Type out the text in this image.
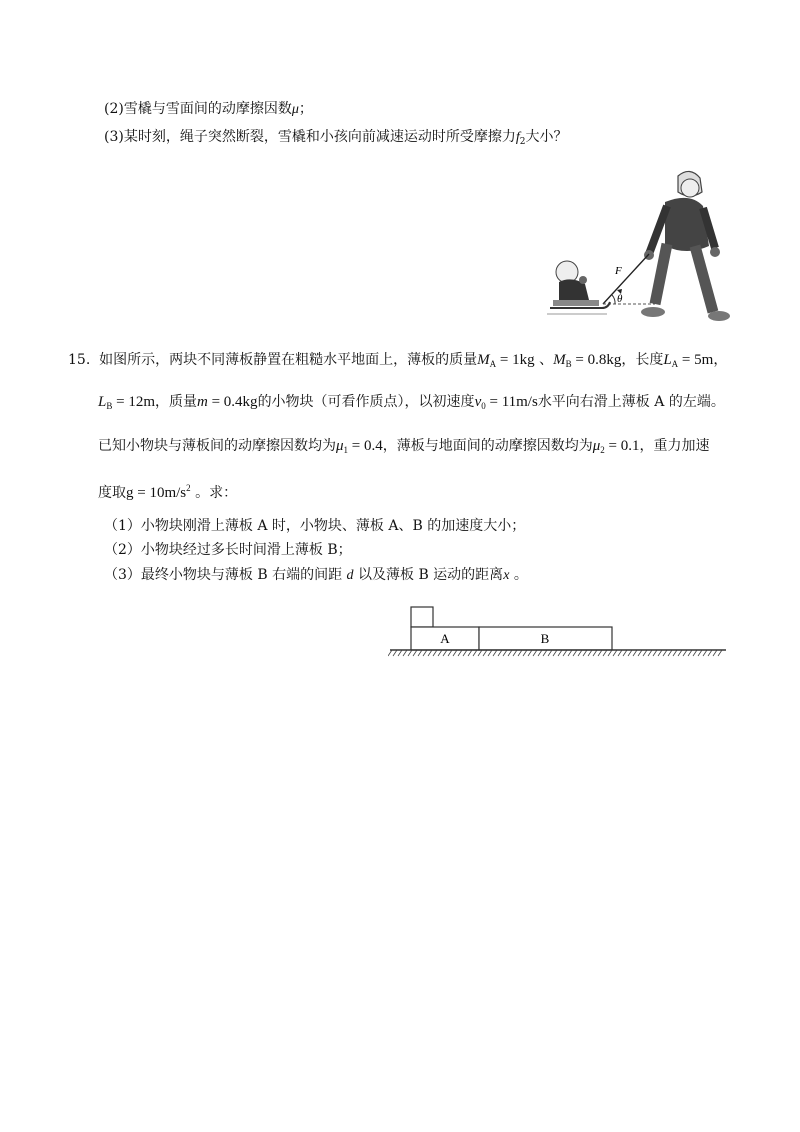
(2)雪橇与雪面间的动摩擦因数μ；
(3)某时刻，绳子突然断裂，雪橇和小孩向前减速运动时所受摩擦力$f_2$大小？
F
θ
15. 如图所示，两块不同薄板静置在粗糙水平地面上，薄板的质量$M_A = 1kg$ 、$M_B = 0.8kg$，长度$L_A = 5m$，
$L_B = 12m$，质量m = 0.4kg的小物块（可看作质点），以初速度$v_0 = 11m/s$水平向右滑上薄板 A 的左端。
已知小物块与薄板间的动摩擦因数均为$\mu_1 = 0.4$，薄板与地面间的动摩擦因数均为$\mu_2 = 0.1$，重力加速
度取$g = 10m/s^2$ 。求：
（1）小物块刚滑上薄板 A 时，小物块、薄板 A、B 的加速度大小；
（2）小物块经过多长时间滑上薄板 B；
（3）最终小物块与薄板 B 右端的间距 d 以及薄板 B 运动的距离x 。
A	B
